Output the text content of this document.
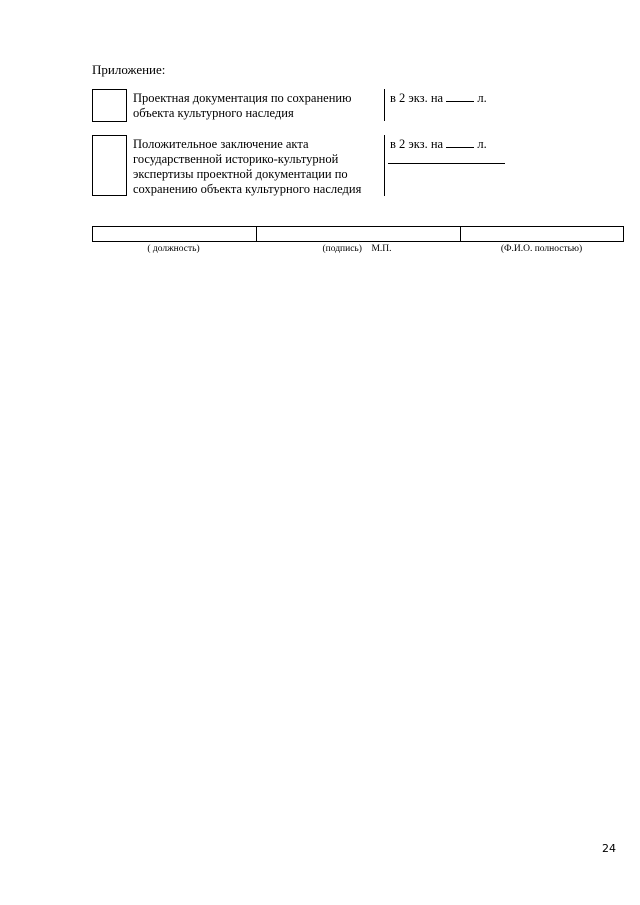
Приложение:
Проектная документация по сохранению
объекта культурного наследия
в 2 экз. на	л.
Положительное заключение акта
государственной историко-культурной
экспертизы проектной документации по
сохранению объекта культурного наследия
в 2 экз. на	л.
( должность)	(подпись) М.П.	(Ф.И.О. полностью)
24
